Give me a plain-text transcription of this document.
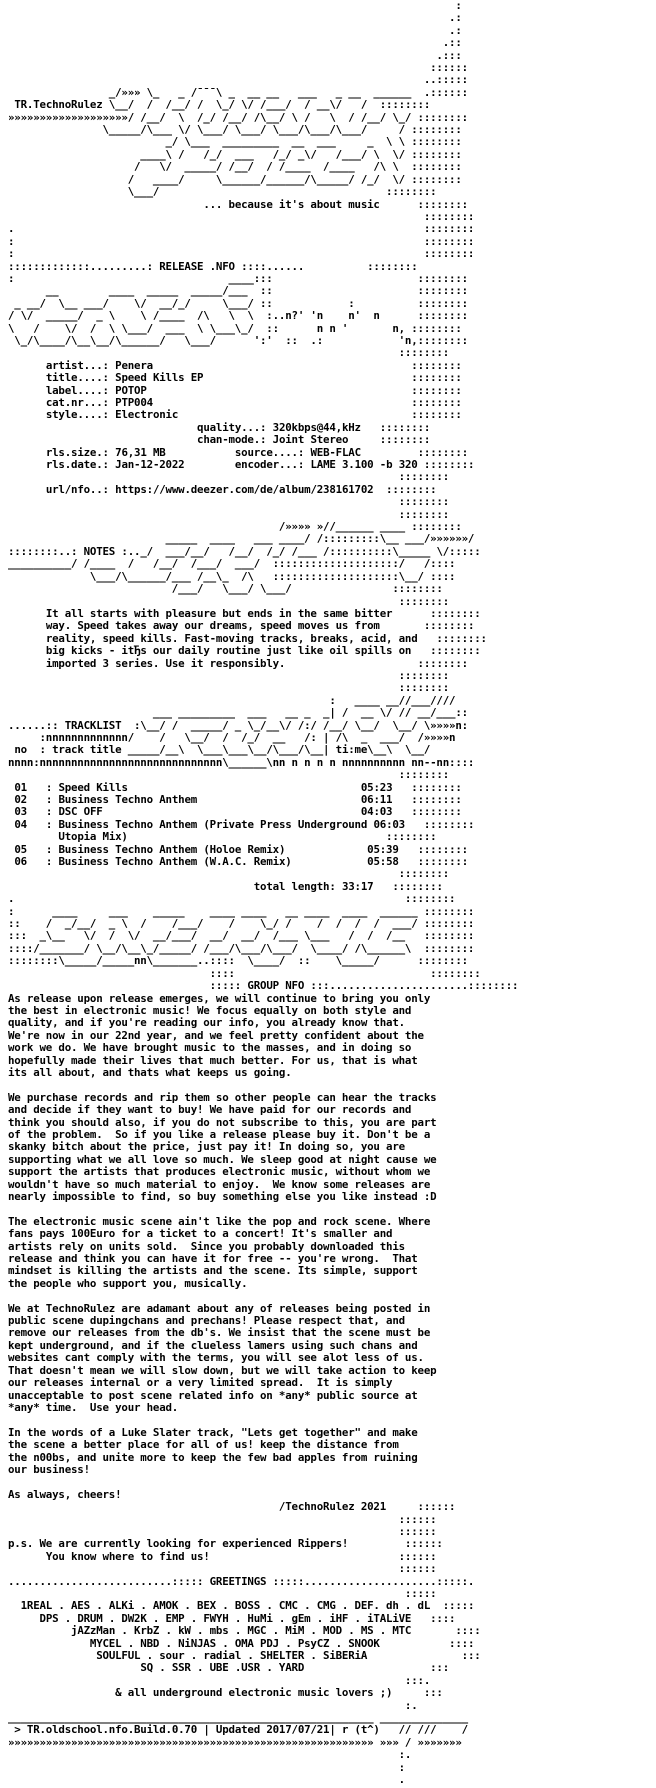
:
.:
.:
.::
.:::
::::::
..:::::
_/»»» \_   _ /¯¯¯\ _  __ __   ___   _ __  ______  .::::::
TR.TechnoRulez \__/  /  /__/ /  \_/ \/ /___/  / __\/   /  ::::::::
»»»»»»»»»»»»»»»»»»»/ /__/  \  /_/ /__/ /\__/ \ /   \  / /__/ \_/ ::::::::
\_____/\___ \/ \___/ \___/ \___/\___/\___/     / ::::::::
_/ \___  _________  __  ___     _  \ \ ::::::::
____\ /   /_/  ___   /_/ _\/   /___/ \  \/ ::::::::
/   \/  _____/ /__/  / /____  /____   /\ \  ::::::::
/   ____/     \______/______/\_____/ /_/  \/ ::::::::
\___/                                    ::::::::
... because it's about music	::::::::
::::::::
.                                                                 ::::::::
:                                                                 ::::::::
:                                                                 ::::::::
:::::::::::::.........: RELEASE .NFO ::::......          ::::::::
:                                  ____:::                       ::::::::
__        ____  _____  _____/___  ::                       ::::::::
_ __/  \__ ___/    \/  __/_/     \___/ ::            :          ::::::::
/ \/  _____/  _ \    \ /____  /\   \  \  :..n?' 'n    n'  n      ::::::::
\   /    \/  /  \ \___/  ___  \ \___\_/  ::      n n '       n, ::::::::
\_/\____/\__\__/\______/   \___/      ':'  ::  .:            'n,::::::::
::::::::
artist...: Penera	::::::::
title....: Speed Kills EP	::::::::
label....: POTOP	::::::::
cat.nr...: PTP004	::::::::
style....: Electronic	::::::::
quality...: 320kbps@44,kHz   ::::::::
chan-mode.: Joint Stereo	::::::::
rls.size.: 76,31 MB	source....: WEB-FLAC	::::::::
rls.date.: Jan-12-2022	encoder...: LAME 3.100 -b 320 ::::::::
::::::::
url/nfo..: https://www.deezer.com/de/album/238161702  ::::::::
::::::::
::::::::
/»»»» »//______ ____ ::::::::
_____  ____   ___ ____/ /:::::::::\__ ___/»»»»»»/
::::::::..: NOTES :.._/  ___/__/   /__/  /_/ /___ /::::::::::\_____ \/:::::
__________/ /____  /   /__/  /___/  ___/  ::::::::::::::::::::/   /::::
\___/\______/___ /__\_  /\   ::::::::::::::::::::\__/ ::::
/___/   \___/ \___/                ::::::::
::::::::
It all starts with pleasure but ends in the same bitter	::::::::
way. Speed takes away our dreams, speed moves us from	::::::::
reality, speed kills. Fast-moving tracks, breaks, acid, and   ::::::::
big kicks - itЂs our daily routine just like oil spills on   ::::::::
imported 3 series. Use it responsibly.	::::::::
::::::::
::::::::
:   ____ __//___////
___ _________  ___   __ _  _| /  __ \/ // __/___::
......:: TRACKLIST  :\__/ /  _____/ _ \_/__\/ /:/ /__/ \__/  \__/ \»»»»n:
:nnnnnnnnnnnnn/    /   \__/  /  /_/  __   /: | /\  _  ___/  /»»»»n
no  : track title _____/__\  \___\___\__/\___/\__| ti:me\__\  \__/
nnnn:nnnnnnnnnnnnnnnnnnnnnnnnnnnnn\______\nn n n n n nnnnnnnnnn nn--nn::::
::::::::
01   : Speed Kills	05:23   ::::::::
02   : Business Techno Anthem	06:11   ::::::::
03   : DSC OFF	04:03   ::::::::
04   : Business Techno Anthem (Private Press Underground 06:03   ::::::::
Utopia Mix)	::::::::
05   : Business Techno Anthem (Holoe Remix)	05:39   ::::::::
06   : Business Techno Anthem (W.A.C. Remix)	05:58   ::::::::
::::::::
total length: 33:17   ::::::::
.                                                              ::::::::
:      ____     ___    _____    ____ ____   __ ____  ____  ______ ::::::::
::    /  _/__/  _ \  /    /___/    /    \_/ /    /  /  /  /  ___/ ::::::::
:::  _\__   \/  /  \/  __/___/  __/  __/  /___ \___   /  /  /__   ::::::::
::::/_______/ \__/\__\_/_____/ /___/\___/\___/  \____/ /\______\  ::::::::
::::::::\_____/_____nn\_______..::::  \____/  ::    \_____/      ::::::::
::::                               ::::::::
::::: GROUP NFO :::......................::::::::
As release upon release emerges, we will continue to bring you only
the best in electronic music! We focus equally on both style and
quality, and if you're reading our info, you already know that.
We're now in our 22nd year, and we feel pretty confident about the
work we do. We have brought music to the masses, and in doing so
hopefully made their lives that much better. For us, that is what
its all about, and thats what keeps us going.

We purchase records and rip them so other people can hear the tracks
and decide if they want to buy! We have paid for our records and
think you should also, if you do not subscribe to this, you are part
of the problem.  So if you like a release please buy it. Don't be a
skanky bitch about the price, just pay it! In doing so, you are
supporting what we all love so much. We sleep good at night cause we
support the artists that produces electronic music, without whom we
wouldn't have so much material to enjoy.  We know some releases are
nearly impossible to find, so buy something else you like instead :D

The electronic music scene ain't like the pop and rock scene. Where
fans pays 100Euro for a ticket to a concert! It's smaller and
artists rely on units sold.  Since you probably downloaded this
release and think you can have it for free -- you're wrong.  That
mindset is killing the artists and the scene. Its simple, support
the people who support you, musically.

We at TechnoRulez are adamant about any of releases being posted in
public scene dupingchans and prechans! Please respect that, and
remove our releases from the db's. We insist that the scene must be
kept underground, and if the clueless lamers using such chans and
websites cant comply with the terms, you will see alot less of us.
That doesn't mean we will slow down, but we will take action to keep
our releases internal or a very limited spread.  It is simply
unacceptable to post scene related info on *any* public source at
*any* time.  Use your head.

In the words of a Luke Slater track, "Lets get together" and make
the scene a better place for all of us! keep the distance from
the n00bs, and unite more to keep the few bad apples from ruining
our business!

As always, cheers!
/TechnoRulez 2021	::::::
::::::
::::::
p.s. We are currently looking for experienced Rippers!	::::::
You know where to find us!	::::::
::::::
..........................::::: GREETINGS :::::.....................:::::.
:::::
1REAL . AES . ALKi . AMOK . BEX . BOSS . CMC . CMG . DEF. dh . dL  :::::
DPS . DRUM . DW2K . EMP . FWYH . HuMi . gEm . iHF . iTALiVE   ::::
jAZzMan . KrbZ . kW . mbs . MGC . MiM . MOD . MS . MTC	::::
MYCEL . NBD . NiNJAS . OMA PDJ . PsyCZ . SNOOK	::::
SOULFUL . sour . radial . SHELTER . SiBERiA	:::
SQ . SSR . UBE .USR . YARD	:::
:::.
& all underground electronic music lovers ;)	:::
:.
__________________________________________________________ ______________
> TR.oldschool.nfo.Build.0.70 | Updated 2017/07/21| r (t^)   // ///    /
»»»»»»»»»»»»»»»»»»»»»»»»»»»»»»»»»»»»»»»»»»»»»»»»»»»»»»»»»» »»» / »»»»»»»
:.
:
.
